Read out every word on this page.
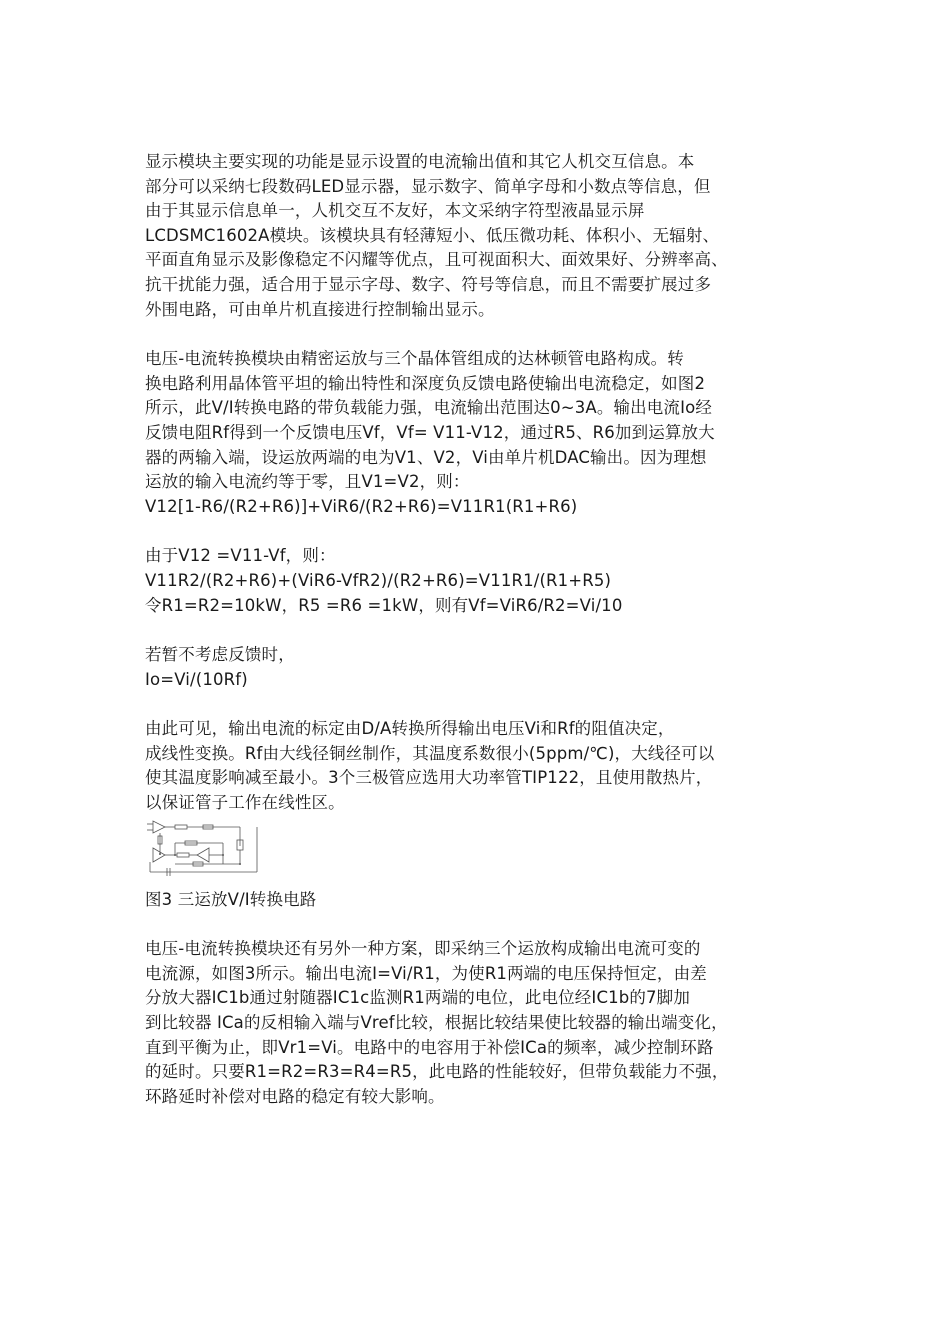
显示模块主要实现的功能是显示设置的电流输出值和其它人机交互信息。本
部分可以采纳七段数码LED显示器，显示数字、简单字母和小数点等信息，但
由于其显示信息单一，人机交互不友好，本文采纳字符型液晶显示屏
LCDSMC1602A模块。该模块具有轻薄短小、低压微功耗、体积小、无辐射、
平面直角显示及影像稳定不闪耀等优点，且可视面积大、面效果好、分辨率高、
抗干扰能力强，适合用于显示字母、数字、符号等信息，而且不需要扩展过多
外围电路，可由单片机直接进行控制输出显示。
电压-电流转换模块由精密运放与三个晶体管组成的达林顿管电路构成。转
换电路利用晶体管平坦的输出特性和深度负反馈电路使输出电流稳定，如图2
所示，此V/I转换电路的带负载能力强，电流输出范围达0~3A。输出电流Io经
反馈电阻Rf得到一个反馈电压Vf，Vf= V11-V12，通过R5、R6加到运算放大
器的两输入端，设运放两端的电为V1、V2，Vi由单片机DAC输出。因为理想
运放的输入电流约等于零，且V1=V2，则：
V12[1-R6/(R2+R6)]+ViR6/(R2+R6)=V11R1(R1+R6)
由于V12 =V11-Vf，则：
V11R2/(R2+R6)+(ViR6-VfR2)/(R2+R6)=V11R1/(R1+R5)
令R1=R2=10kW，R5 =R6 =1kW，则有Vf=ViR6/R2=Vi/10
若暂不考虑反馈时，
Io=Vi/(10Rf)
由此可见，输出电流的标定由D/A转换所得输出电压Vi和Rf的阻值决定，
成线性变换。Rf由大线径铜丝制作，其温度系数很小(5ppm/℃)，大线径可以
使其温度影响减至最小。3个三极管应选用大功率管TIP122，且使用散热片，
以保证管子工作在线性区。
图3 三运放V/I转换电路
电压-电流转换模块还有另外一种方案，即采纳三个运放构成输出电流可变的
电流源，如图3所示。输出电流I=Vi/R1，为使R1两端的电压保持恒定，由差
分放大器IC1b通过射随器IC1c监测R1两端的电位，此电位经IC1b的7脚加
到比较器 ICa的反相输入端与Vref比较，根据比较结果使比较器的输出端变化，
直到平衡为止，即Vr1=Vi。电路中的电容用于补偿ICa的频率，减少控制环路
的延时。只要R1=R2=R3=R4=R5，此电路的性能较好，但带负载能力不强，
环路延时补偿对电路的稳定有较大影响。
